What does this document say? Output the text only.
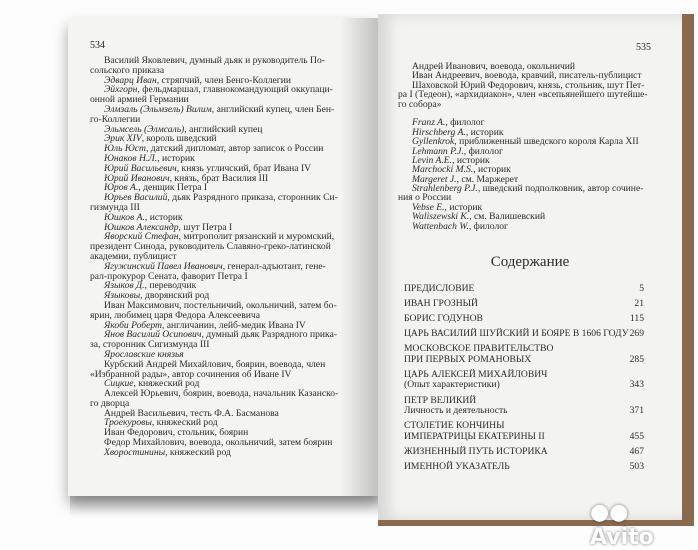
534
Василий Яковлевич, думный дьяк и руководитель По-
сольского приказа
Эдварц Иван, стряпчий, член Бенго-Коллегии
Эйхгорн, фельдмаршал, главнокомандующий оккупаци-
онной армией Германии
Элмзаль (Эльмзель) Вилим, английский купец, член Бен-
го-Коллегии
Эльмсель (Элмсаль), английский купец
Эрик XIV, король шведский
Юль Юст, датский дипломат, автор записок о России
Юнаков Н.Л., историк
Юрий Васильевич, князь угличский, брат Ивана IV
Юрий Иванович, князь, брат Василия III
Юров А., денщик Петра I
Юрьев Василий, дьяк Разрядного приказа, сторонник Си-
гизмунда III
Юшков А., историк
Юшков Александр, шут Петра I
Яворский Стефан, митрополит рязанский и муромский,
президент Синода, руководитель Славяно-греко-латинской
академии, публицист
Ягужинский Павел Иванович, генерал-адъютант, гене-
рал-прокурор Сената, фаворит Петра I
Языков Д., переводчик
Языковы, дворянский род
Иван Максимович, постельничий, окольничий, затем бо-
ярин, любимец царя Федора Алексеевича
Якоби Роберт, англичанин, лейб-медик Ивана IV
Янов Василий Осипович, думный дьяк Разрядного прика-
за, сторонник Сигизмунда III
Ярославские князья
Курбский Андрей Михайлович, боярин, воевода, член
«Избранной рады», автор сочинения об Иване IV
Сицкие, княжеский род
Алексей Юрьевич, боярин, воевода, начальник Казанско-
го дворца
Андрей Васильевич, тесть Ф.А. Басманова
Троекуровы, княжеский род
Иван Федорович, стольник, боярин
Федор Михайлович, воевода, окольничий, затем боярин
Хворостинины, княжеский род
535
Андрей Иванович, воевода, окольничий
Иван Андреевич, воевода, кравчий, писатель-публицист
Шаховской Юрий Федорович, князь, стольник, шут Пет-
ра I (Тедеон), «архидиакон», член «всепьянейшего шутейше-
го собора»
Franz A., филолог
Hirschberg A., историк
Gyllenkrok, приближенный шведского короля Карла XII
Lehmann P.J., филолог
Levin A.E., историк
Marchocki M.S., историк
Margeret J., см. Маржерет
Strahlenberg P.J., шведский подполковник, автор сочине-
ния о России
Vebse E., историк
Waliszewski K., см. Валишевский
Wattenbach W., филолог
Содержание
ПРЕДИСЛОВИЕ	5
ИВАН ГРОЗНЫЙ	21
БОРИС ГОДУНОВ	115
ЦАРЬ ВАСИЛИЙ ШУЙСКИЙ И БОЯРЕ В 1606 ГОДУ 269
МОСКОВСКОЕ ПРАВИТЕЛЬСТВО
ПРИ ПЕРВЫХ РОМАНОВЫХ	285
ЦАРЬ АЛЕКСЕЙ МИХАЙЛОВИЧ
(Опыт характеристики)	343
ПЕТР ВЕЛИКИЙ
Личность и деятельность	371
СТОЛЕТИЕ КОНЧИНЫ
ИМПЕРАТРИЦЫ ЕКАТЕРИНЫ II	455
ЖИЗНЕННЫЙ ПУТЬ ИСТОРИКА	467
ИМЕННОЙ УКАЗАТЕЛЬ	503
●● Avito
